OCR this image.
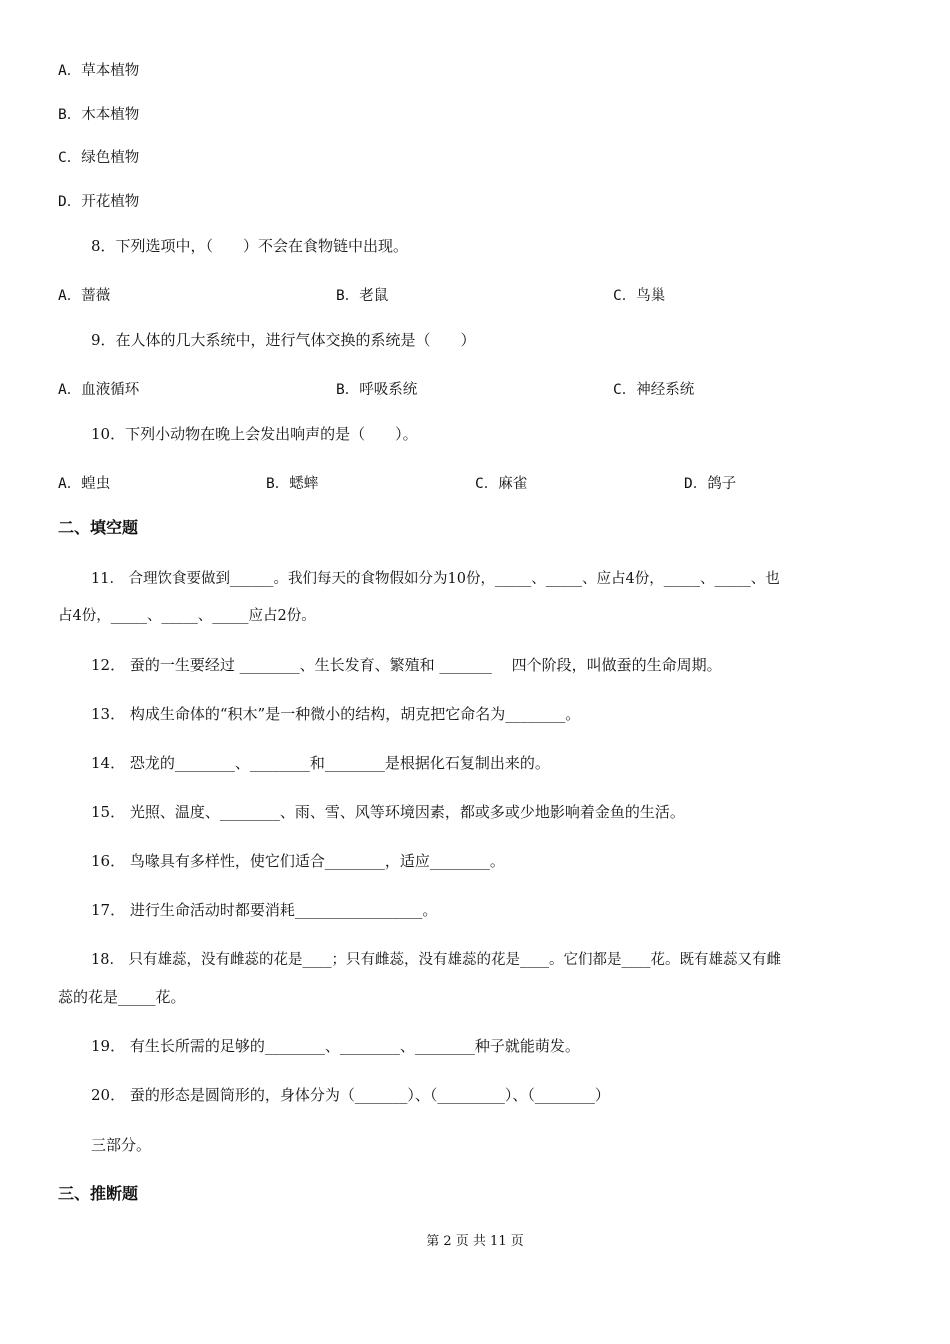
A．草本植物
B．木本植物
C．绿色植物
D．开花植物
8．下列选项中，（　　）不会在食物链中出现。
A．蔷薇	B．老鼠	C．鸟巢
9．在人体的几大系统中，进行气体交换的系统是（　　）
A．血液循环	B．呼吸系统	C．神经系统
10．下列小动物在晚上会发出响声的是（　　）。
A．蝗虫	B．蟋蟀	C．麻雀	D．鸽子
二、填空题
11． 合理饮食要做到______。我们每天的食物假如分为10份，_____、_____、应占4份，_____、_____、也
占4份，_____、_____、_____应占2份。
12． 蚕的一生要经过 ________、生长发育、繁殖和 _______　 四个阶段，叫做蚕的生命周期。
13． 构成生命体的“积木”是一种微小的结构，胡克把它命名为________。
14． 恐龙的________、________和________是根据化石复制出来的。
15． 光照、温度、________、雨、雪、风等环境因素，都或多或少地影响着金鱼的生活。
16． 鸟喙具有多样性，使它们适合________，适应________。
17． 进行生命活动时都要消耗_________________。
18． 只有雄蕊，没有雌蕊的花是____；只有雌蕊，没有雄蕊的花是____。它们都是____花。既有雄蕊又有雌
蕊的花是_____花。
19． 有生长所需的足够的________、________、________种子就能萌发。
20． 蚕的形态是圆筒形的，身体分为（_______）、（_________）、（________）
三部分。
三、推断题
第 2 页 共 11 页
